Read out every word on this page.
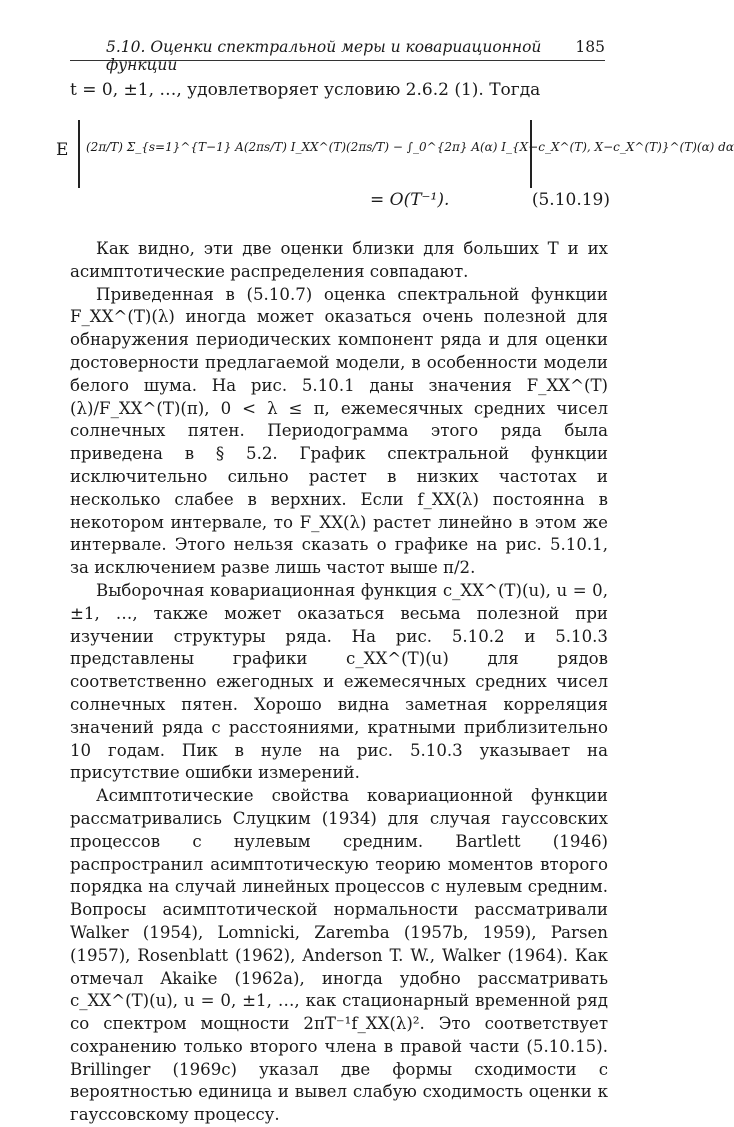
5.10. Оценки спектральной меры и ковариационной функции
185
t = 0, ±1, …, удовлетворяет условию 2.6.2 (1). Тогда
E (2π/T) Σ_{s=1}^{T−1} A(2πs/T) I_XX^(T)(2πs/T) − ∫_0^{2π} A(α) I_{X−c_X^(T), X−c_X^(T)}^(T)(α) dα
= O(T⁻¹).	(5.10.19)

Как видно, эти две оценки близки для больших T и их асимптотические распределения совпадают.

Приведенная в (5.10.7) оценка спектральной функции F_XX^(T)(λ) иногда может оказаться очень полезной для обнаружения периодических компонент ряда и для оценки достоверности предлагаемой модели, в особенности модели белого шума. На рис. 5.10.1 даны значения F_XX^(T)(λ)/F_XX^(T)(π), 0 < λ ≤ π, ежемесячных средних чисел солнечных пятен. Периодограмма этого ряда была приведена в § 5.2. График спектральной функции исключительно сильно растет в низких частотах и несколько слабее в верхних. Если f_XX(λ) постоянна в некотором интервале, то F_XX(λ) растет линейно в этом же интервале. Этого нельзя сказать о графике на рис. 5.10.1, за исключением разве лишь частот выше π/2.

Выборочная ковариационная функция c_XX^(T)(u), u = 0, ±1, …, также может оказаться весьма полезной при изучении структуры ряда. На рис. 5.10.2 и 5.10.3 представлены графики c_XX^(T)(u) для рядов соответственно ежегодных и ежемесячных средних чисел солнечных пятен. Хорошо видна заметная корреляция значений ряда с расстояниями, кратными приблизительно 10 годам. Пик в нуле на рис. 5.10.3 указывает на присутствие ошибки измерений.

Асимптотические свойства ковариационной функции рассматривались Слуцким (1934) для случая гауссовских процессов с нулевым средним. Bartlett (1946) распространил асимптотическую теорию моментов второго порядка на случай линейных процессов с нулевым средним. Вопросы асимптотической нормальности рассматривали Walker (1954), Lomnicki, Zaremba (1957b, 1959), Parsen (1957), Rosenblatt (1962), Anderson T. W., Walker (1964). Как отмечал Akaike (1962a), иногда удобно рассматривать c_XX^(T)(u), u = 0, ±1, …, как стационарный временной ряд со спектром мощности 2πT⁻¹f_XX(λ)². Это соответствует сохранению только второго члена в правой части (5.10.15). Brillinger (1969c) указал две формы сходимости с вероятностью единица и вывел слабую сходимость оценки к гауссовскому процессу.
